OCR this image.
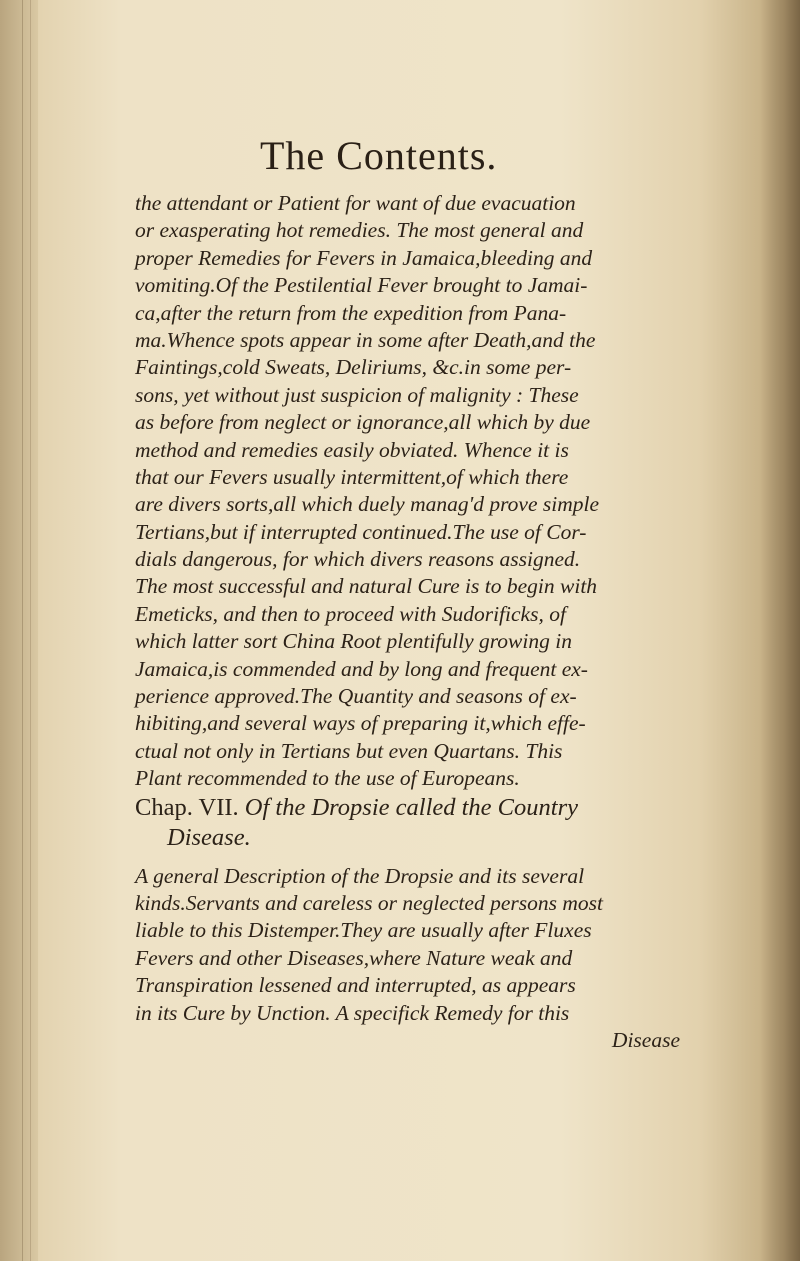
The Contents.
the attendant or Patient for want of due evacuation
or exasperating hot remedies. The most general and
proper Remedies for Fevers in Jamaica,bleeding and
vomiting.Of the Pestilential Fever brought to Jamai-
ca,after the return from the expedition from Pana-
ma.Whence spots appear in some after Death,and the
Faintings,cold Sweats, Deliriums, &c.in some per-
sons, yet without just suspicion of malignity : These
as before from neglect or ignorance,all which by due
method and remedies easily obviated. Whence it is
that our Fevers usually intermittent,of which there
are divers sorts,all which duely manag'd prove simple
Tertians,but if interrupted continued.The use of Cor-
dials dangerous, for which divers reasons assigned.
The most successful and natural Cure is to begin with
Emeticks, and then to proceed with Sudorificks, of
which latter sort China Root plentifully growing in
Jamaica,is commended and by long and frequent ex-
perience approved.The Quantity and seasons of ex-
hibiting,and several ways of preparing it,which effe-
ctual not only in Tertians but even Quartans. This
Plant recommended to the use of Europeans.
Chap. VII. Of the Dropsie called the Country
Disease.
A general Description of the Dropsie and its several
kinds.Servants and careless or neglected persons most
liable to this Distemper.They are usually after Fluxes
Fevers and other Diseases,where Nature weak and
Transpiration lessened and interrupted, as appears
in its Cure by Unction. A specifick Remedy for this
Disease
